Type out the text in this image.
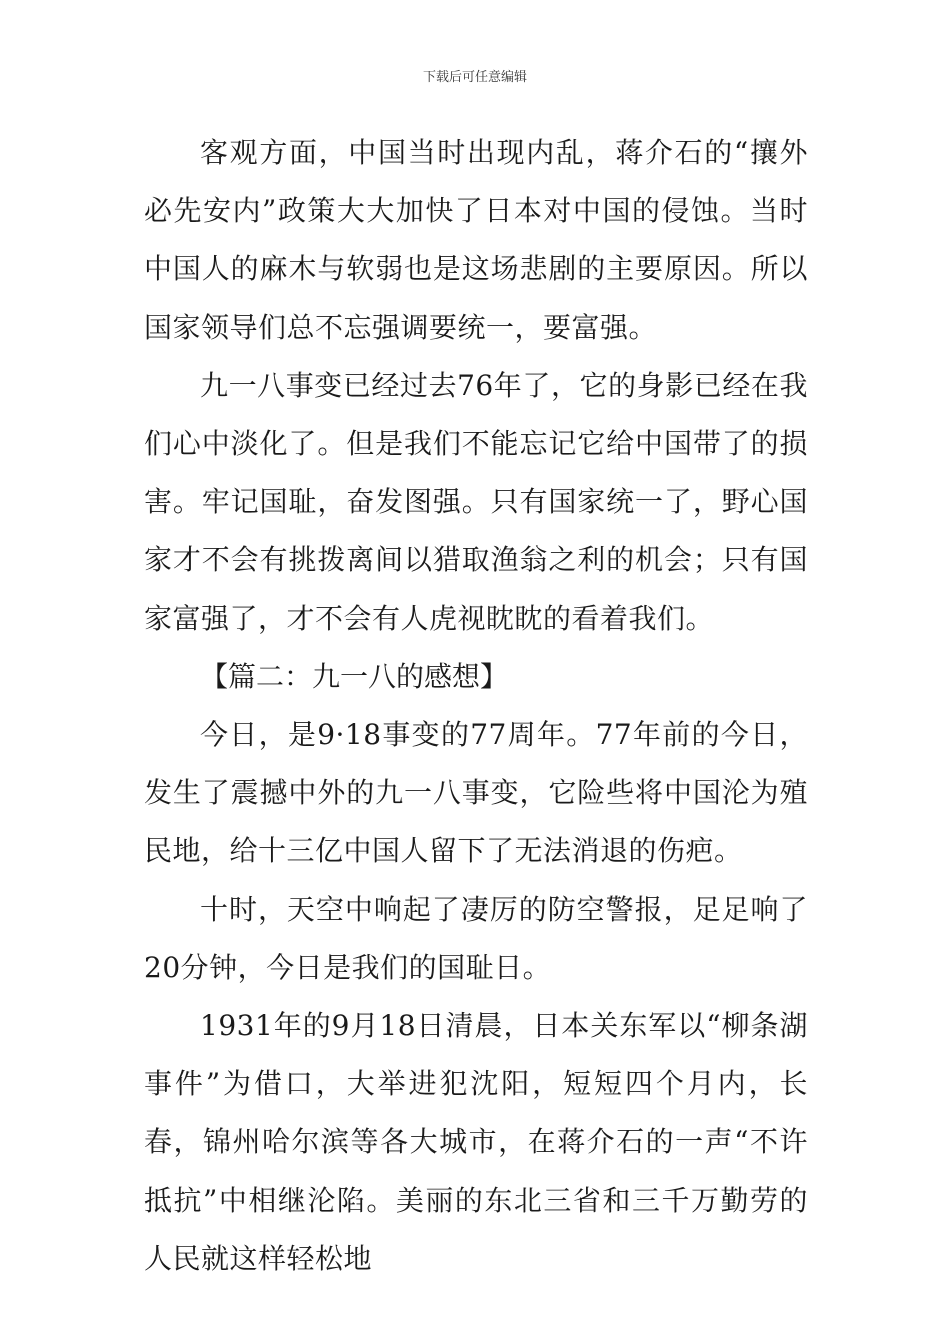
下载后可任意编辑

客观方面，中国当时出现内乱，蒋介石的“攘外必先安内”政策大大加快了日本对中国的侵蚀。当时中国人的麻木与软弱也是这场悲剧的主要原因。所以国家领导们总不忘强调要统一，要富强。

九一八事变已经过去76年了，它的身影已经在我们心中淡化了。但是我们不能忘记它给中国带了的损害。牢记国耻，奋发图强。只有国家统一了，野心国家才不会有挑拨离间以猎取渔翁之利的机会；只有国家富强了，才不会有人虎视眈眈的看着我们。

【篇二：九一八的感想】

今日，是9·18事变的77周年。77年前的今日，发生了震撼中外的九一八事变，它险些将中国沦为殖民地，给十三亿中国人留下了无法消退的伤疤。

十时，天空中响起了凄厉的防空警报，足足响了20分钟，今日是我们的国耻日。

1931年的9月18日清晨，日本关东军以“柳条湖事件”为借口，大举进犯沈阳，短短四个月内，长春，锦州哈尔滨等各大城市，在蒋介石的一声“不许抵抗”中相继沦陷。美丽的东北三省和三千万勤劳的人民就这样轻松地
